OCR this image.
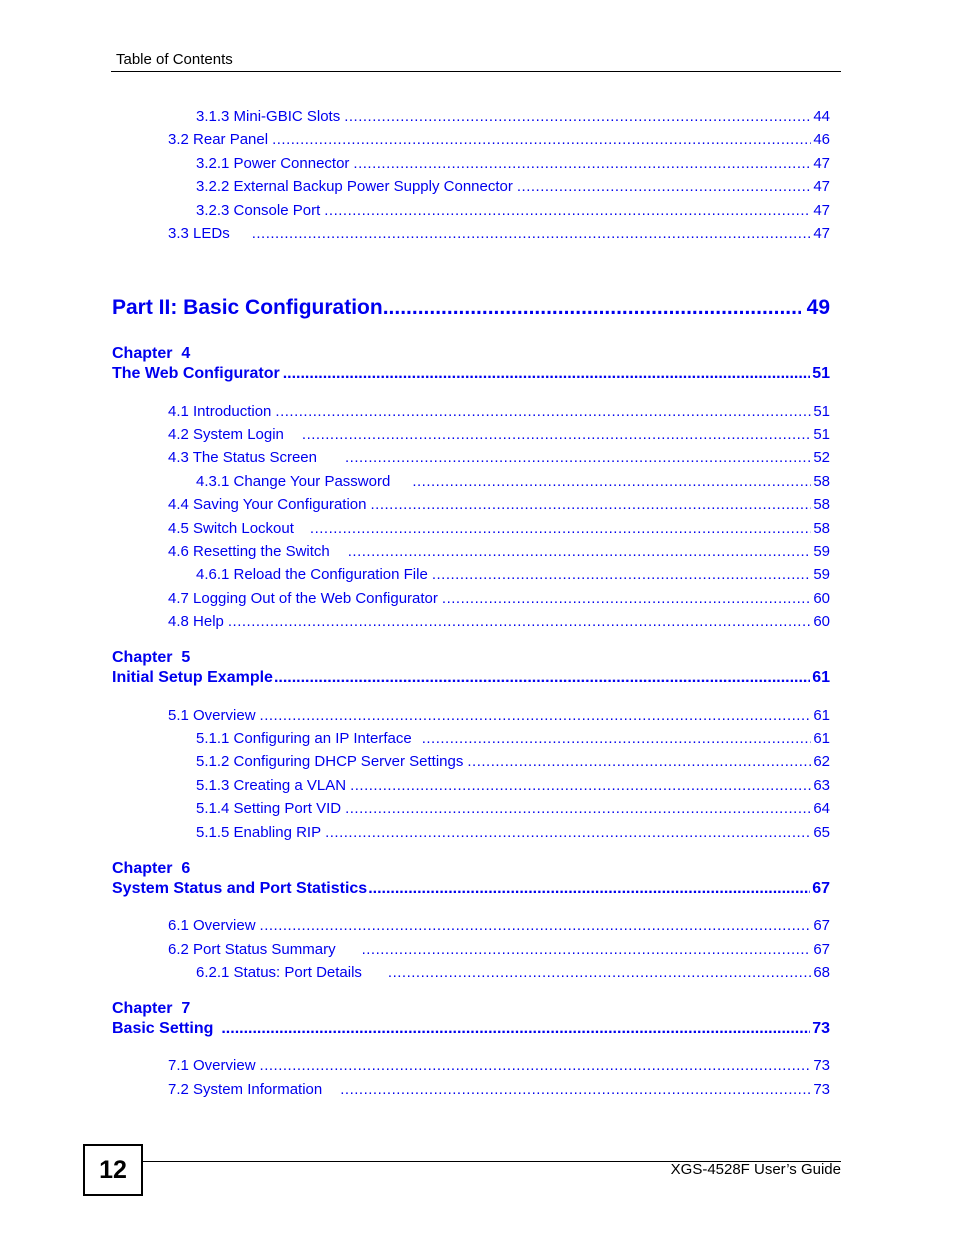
Table of Contents
3.1.3 Mini-GBIC Slots .....	44
3.2 Rear Panel .....	46
3.2.1 Power Connector .....	47
3.2.2 External Backup Power Supply Connector .....	47
3.2.3 Console Port .....	47
3.3 LEDs .....	47
Part II: Basic Configuration .....	49
Chapter  4
The Web Configurator .....	51
4.1 Introduction .....	51
4.2 System Login .....	51
4.3 The Status Screen .....	52
4.3.1 Change Your Password .....	58
4.4 Saving Your Configuration .....	58
4.5 Switch Lockout .....	58
4.6 Resetting the Switch .....	59
4.6.1 Reload the Configuration File .....	59
4.7 Logging Out of the Web Configurator .....	60
4.8 Help .....	60
Chapter  5
Initial Setup Example .....	61
5.1 Overview .....	61
5.1.1 Configuring an IP Interface .....	61
5.1.2 Configuring DHCP Server Settings .....	62
5.1.3 Creating a VLAN .....	63
5.1.4 Setting Port VID .....	64
5.1.5 Enabling RIP .....	65
Chapter  6
System Status and Port Statistics .....	67
6.1 Overview .....	67
6.2 Port Status Summary .....	67
6.2.1 Status: Port Details .....	68
Chapter  7
Basic Setting .....	73
7.1 Overview .....	73
7.2 System Information .....	73
12	XGS-4528F User’s Guide
